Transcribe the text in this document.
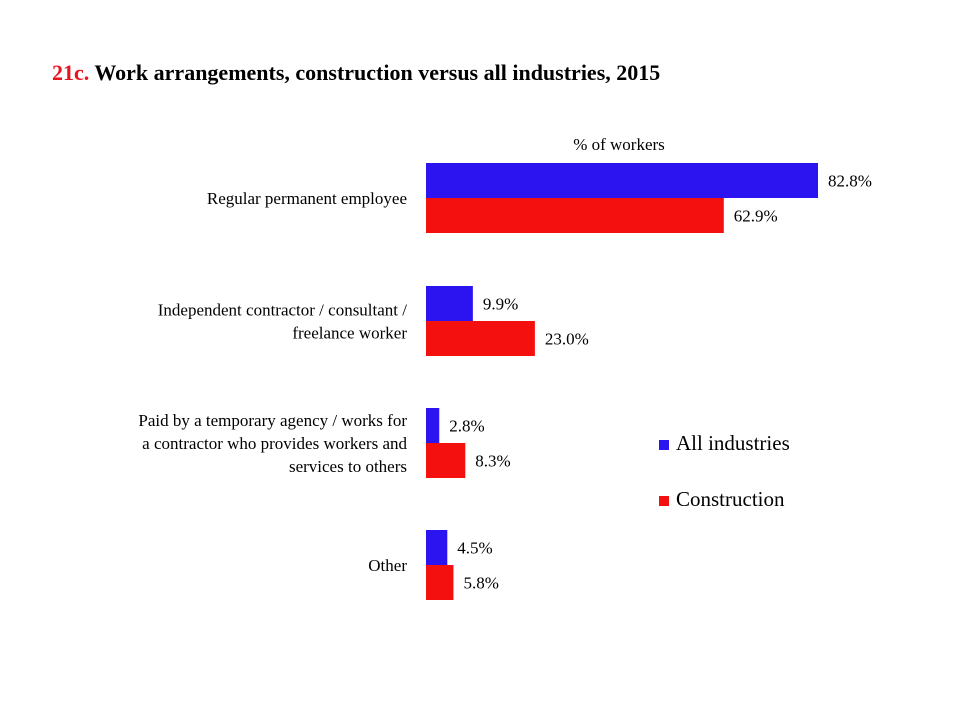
21c. Work arrangements, construction versus all industries, 2015
% of workers
Regular permanent employee
82.8%
62.9%
Independent contractor / consultant / freelance worker
9.9%
23.0%
Paid by a temporary agency / works for a contractor who provides workers and services to others
2.8%
8.3%
Other
4.5%
5.8%
All industries
Construction
